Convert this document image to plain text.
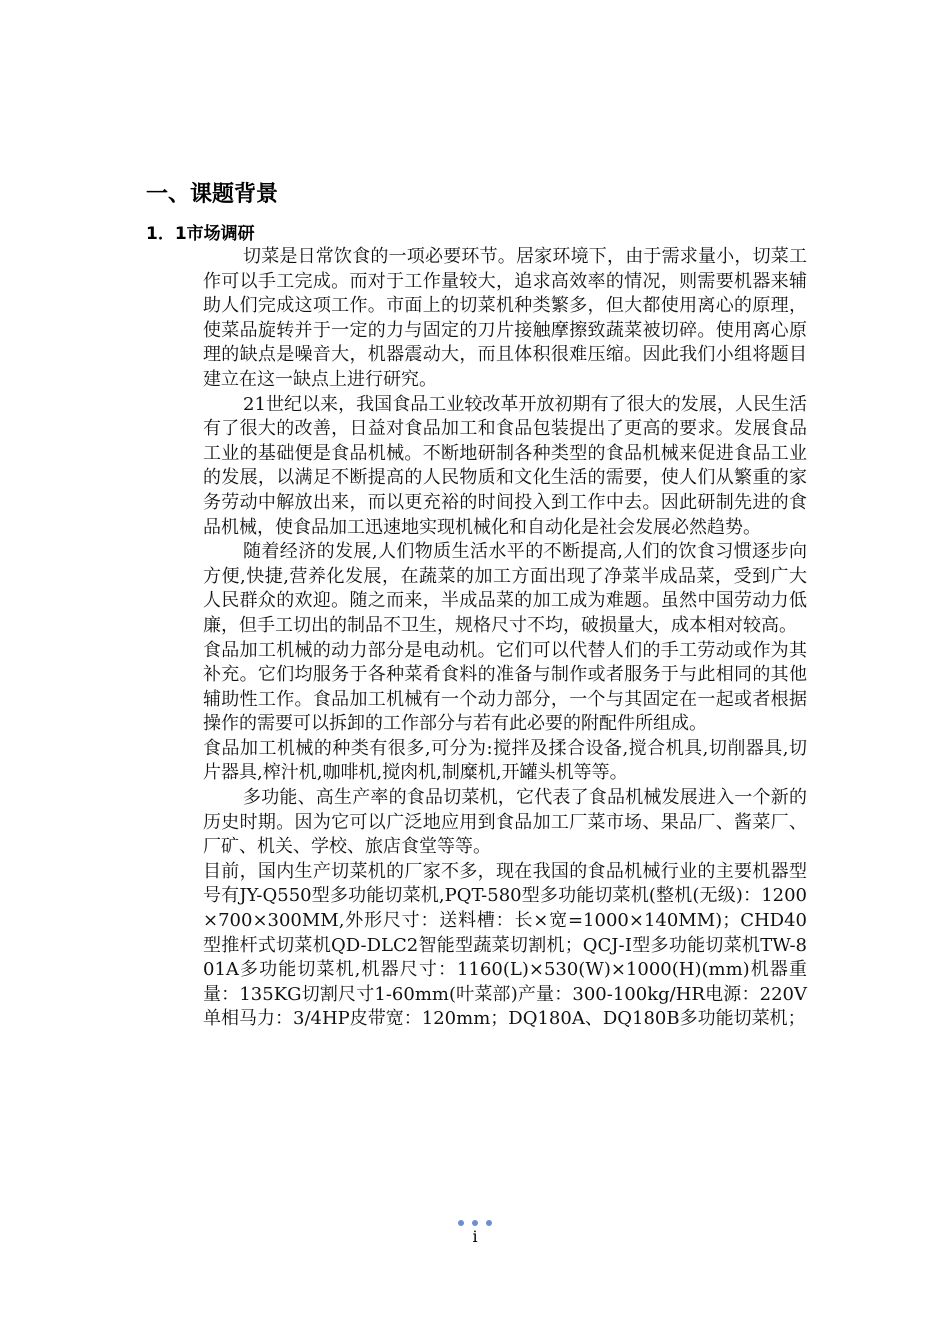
一、课题背景
1．1市场调研

切菜是日常饮食的一项必要环节。居家环境下，由于需求量小，切菜工作可以手工完成。而对于工作量较大，追求高效率的情况，则需要机器来辅助人们完成这项工作。市面上的切菜机种类繁多，但大都使用离心的原理，使菜品旋转并于一定的力与固定的刀片接触摩擦致蔬菜被切碎。使用离心原理的缺点是噪音大，机器震动大，而且体积很难压缩。因此我们小组将题目建立在这一缺点上进行研究。

21世纪以来，我国食品工业较改革开放初期有了很大的发展，人民生活有了很大的改善，日益对食品加工和食品包装提出了更高的要求。发展食品工业的基础便是食品机械。不断地研制各种类型的食品机械来促进食品工业的发展，以满足不断提高的人民物质和文化生活的需要，使人们从繁重的家务劳动中解放出来，而以更充裕的时间投入到工作中去。因此研制先进的食品机械，使食品加工迅速地实现机械化和自动化是社会发展必然趋势。

随着经济的发展,人们物质生活水平的不断提高,人们的饮食习惯逐步向方便,快捷,营养化发展，在蔬菜的加工方面出现了净菜半成品菜，受到广大人民群众的欢迎。随之而来，半成品菜的加工成为难题。虽然中国劳动力低廉，但手工切出的制品不卫生，规格尺寸不均，破损量大，成本相对较高。

食品加工机械的动力部分是电动机。它们可以代替人们的手工劳动或作为其补充。它们均服务于各种菜肴食料的准备与制作或者服务于与此相同的其他辅助性工作。食品加工机械有一个动力部分，一个与其固定在一起或者根据操作的需要可以拆卸的工作部分与若有此必要的附配件所组成。

食品加工机械的种类有很多,可分为:搅拌及揉合设备,搅合机具,切削器具,切片器具,榨汁机,咖啡机,搅肉机,制糜机,开罐头机等等。

多功能、高生产率的食品切菜机，它代表了食品机械发展进入一个新的历史时期。因为它可以广泛地应用到食品加工厂菜市场、果品厂、酱菜厂、厂矿、机关、学校、旅店食堂等等。

目前，国内生产切菜机的厂家不多，现在我国的食品机械行业的主要机器型号有JY-Q550型多功能切菜机,PQT-580型多功能切菜机(整机(无级)：1200×700×300MM,外形尺寸：送料槽：长×宽=1000×140MM)；CHD40型推杆式切菜机QD-DLC2智能型蔬菜切割机；QCJ-Ⅰ型多功能切菜机TW-801A多功能切菜机,机器尺寸：1160(L)×530(W)×1000(H)(mm)机器重量：135KG切割尺寸1-60mm(叶菜部)产量：300-100kg/HR电源：220V单相马力：3/4HP皮带宽：120mm；DQ180A、DQ180B多功能切菜机；

i
